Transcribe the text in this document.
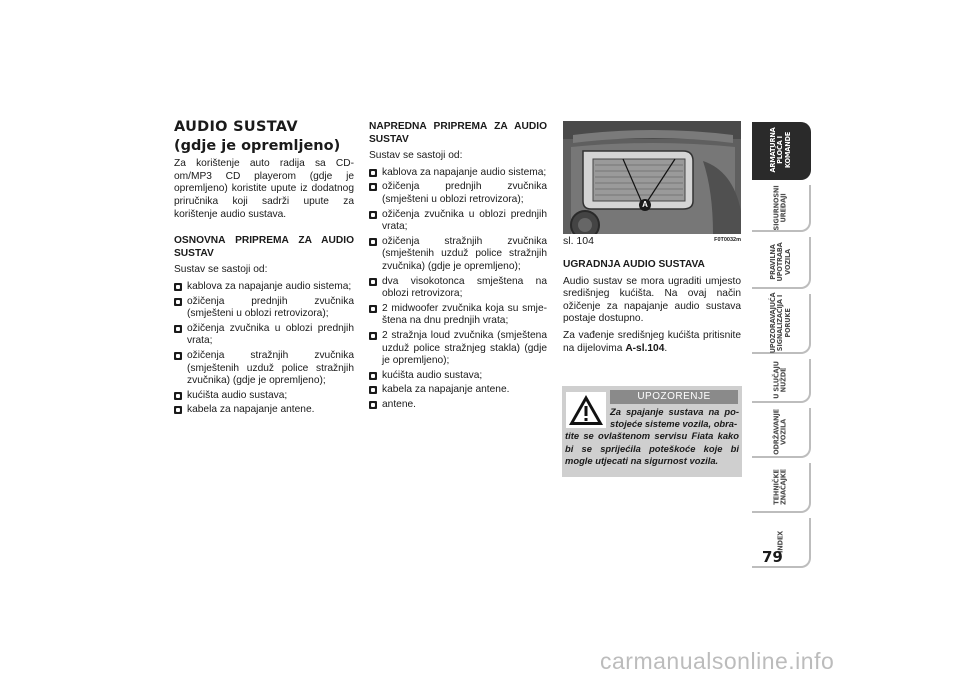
AUDIO SUSTAV
(gdje je opremljeno)

Za korištenje auto radija sa CD-om/MP3 CD playerom (gdje je opremljeno) koristite upute iz dodatnog priručnika koji sadrži upute za korištenje audio sustava.

OSNOVNA PRIPREMA ZA AUDIO SUSTAV

Sustav se sastoji od:

kablova za napajanje audio sistema;
ožičenja prednjih zvučnika (smješteni u oblozi retrovizora);
ožičenja zvučnika u oblozi prednjih vrata;
ožičenja stražnjih zvučnika (smještenih uzduž police stražnjih zvučnika) (gdje je opremljeno);
kućišta audio sustava;
kabela za napajanje antene.

NAPREDNA PRIPREMA ZA AUDIO SUSTAV

Sustav se sastoji od:

kablova za napajanje audio sistema;
ožičenja prednjih zvučnika (smješteni u oblozi retrovizora);
ožičenja zvučnika u oblozi prednjih vrata;
ožičenja stražnjih zvučnika (smještenih uzduž police stražnjih zvučnika) (gdje je opremljeno);
dva visokotonca smještena na oblozi retrovizora;
2 midwoofer zvučnika koja su smje-štena na dnu prednjih vrata;
2 stražnja loud zvučnika (smještena uzduž police stražnjeg stakla) (gdje je opremljeno);
kućišta audio sustava;
kabela za napajanje antene.
antene.
A
sl. 104	F0T0032m

UGRADNJA AUDIO SUSTAVA

Audio sustav se mora ugraditi umjesto središnjeg kućišta. Na ovaj način ožičenje za napajanje audio sustava postaje dostupno.

Za vađenje središnjeg kućišta pritisnite na dijelovima A-sl.104.

UPOZORENJE
Za spajanje sustava na po-stojeće sisteme vozila, obra-
tite se ovlaštenom servisu Fiata kako bi se sprijećila poteškoće koje bi mogle utjecati na sigurnost vozila.
ARMATURNA
PLOČA I
KOMANDE
SIGURNOSNI
UREĐAJI
PRAVILNA
UPOTRABA
VOZILA
UPOZORAVAJUĆA
SIGNALIZACIJA I
PORUKE
U SLUČAJU
NUŽDE
ODRŽAVANJE
VOZILA
TEHNIČKE
ZNAČAJKE
INDEX
79
carmanualsonline.info
